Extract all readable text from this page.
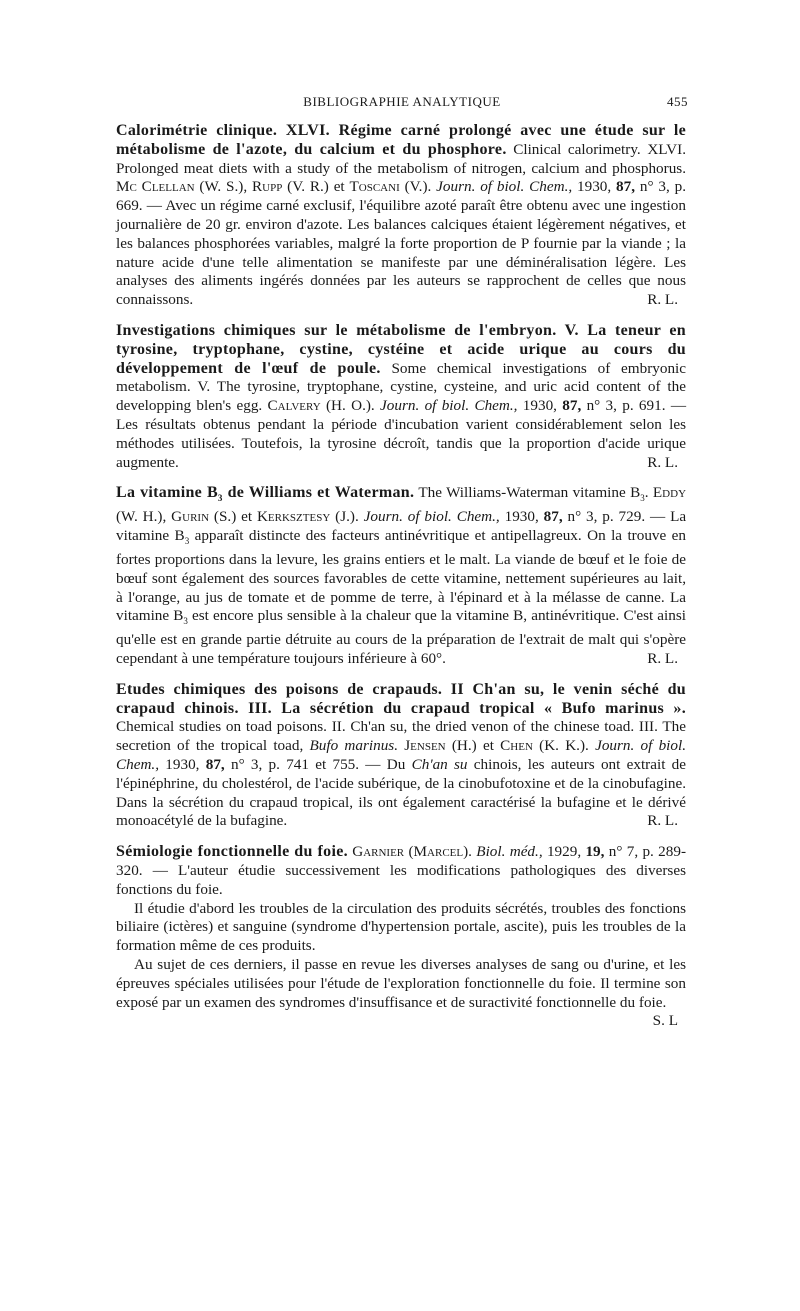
BIBLIOGRAPHIE ANALYTIQUE	455

Calorimétrie clinique. XLVI. Régime carné prolongé avec une étude sur le métabolisme de l'azote, du calcium et du phosphore. Clinical calorimetry. XLVI. Prolonged meat diets with a study of the metabolism of nitrogen, calcium and phosphorus. Mc Clellan (W. S.), Rupp (V. R.) et Toscani (V.). Journ. of biol. Chem., 1930, 87, n° 3, p. 669. — Avec un régime carné exclusif, l'équilibre azoté paraît être obtenu avec une ingestion journalière de 20 gr. environ d'azote. Les balances calciques étaient légèrement négatives, et les balances phosphorées variables, malgré la forte proportion de P fournie par la viande ; la nature acide d'une telle alimentation se manifeste par une déminéralisation légère. Les analyses des aliments ingérés données par les auteurs se rapprochent de celles que nous connaissons.	R. L.

Investigations chimiques sur le métabolisme de l'embryon. V. La teneur en tyrosine, tryptophane, cystine, cystéine et acide urique au cours du développement de l'œuf de poule. Some chemical investigations of embryonic metabolism. V. The tyrosine, tryptophane, cystine, cysteine, and uric acid content of the developping blen's egg. Calvery (H. O.). Journ. of biol. Chem., 1930, 87, n° 3, p. 691. — Les résultats obtenus pendant la période d'incubation varient considérablement selon les méthodes utilisées. Toutefois, la tyrosine décroît, tandis que la proportion d'acide urique augmente.	R. L.

La vitamine $B_3$ de Williams et Waterman. The Williams-Waterman vitamine $B_3$. Eddy (W. H.), Gurin (S.) et Kerksztesy (J.). Journ. of biol. Chem., 1930, 87, n° 3, p. 729. — La vitamine $B_3$ apparaît distincte des facteurs antinévritique et antipellagreux. On la trouve en fortes proportions dans la levure, les grains entiers et le malt. La viande de bœuf et le foie de bœuf sont également des sources favorables de cette vitamine, nettement supérieures au lait, à l'orange, au jus de tomate et de pomme de terre, à l'épinard et à la mélasse de canne. La vitamine $B_3$ est encore plus sensible à la chaleur que la vitamine B, antinévritique. C'est ainsi qu'elle est en grande partie détruite au cours de la préparation de l'extrait de malt qui s'opère cependant à une température toujours inférieure à 60°.	R. L.

Etudes chimiques des poisons de crapauds. II Ch'an su, le venin séché du crapaud chinois. III. La sécrétion du crapaud tropical « Bufo marinus ». Chemical studies on toad poisons. II. Ch'an su, the dried venon of the chinese toad. III. The secretion of the tropical toad, Bufo marinus. Jensen (H.) et Chen (K. K.). Journ. of biol. Chem., 1930, 87, n° 3, p. 741 et 755. — Du Ch'an su chinois, les auteurs ont extrait de l'épinéphrine, du cholestérol, de l'acide subérique, de la cinobufotoxine et de la cinobufagine. Dans la sécrétion du crapaud tropical, ils ont également caractérisé la bufagine et le dérivé monoacétylé de la bufagine.	R. L.

Sémiologie fonctionnelle du foie. Garnier (Marcel). Biol. méd., 1929, 19, n° 7, p. 289-320. — L'auteur étudie successivement les modifications pathologiques des diverses fonctions du foie.

Il étudie d'abord les troubles de la circulation des produits sécrétés, troubles des fonctions biliaire (ictères) et sanguine (syndrome d'hypertension portale, ascite), puis les troubles de la formation même de ces produits.

Au sujet de ces derniers, il passe en revue les diverses analyses de sang ou d'urine, et les épreuves spéciales utilisées pour l'étude de l'exploration fonctionnelle du foie. Il termine son exposé par un examen des syndromes d'insuffisance et de suractivité fonctionnelle du foie.
S. L
